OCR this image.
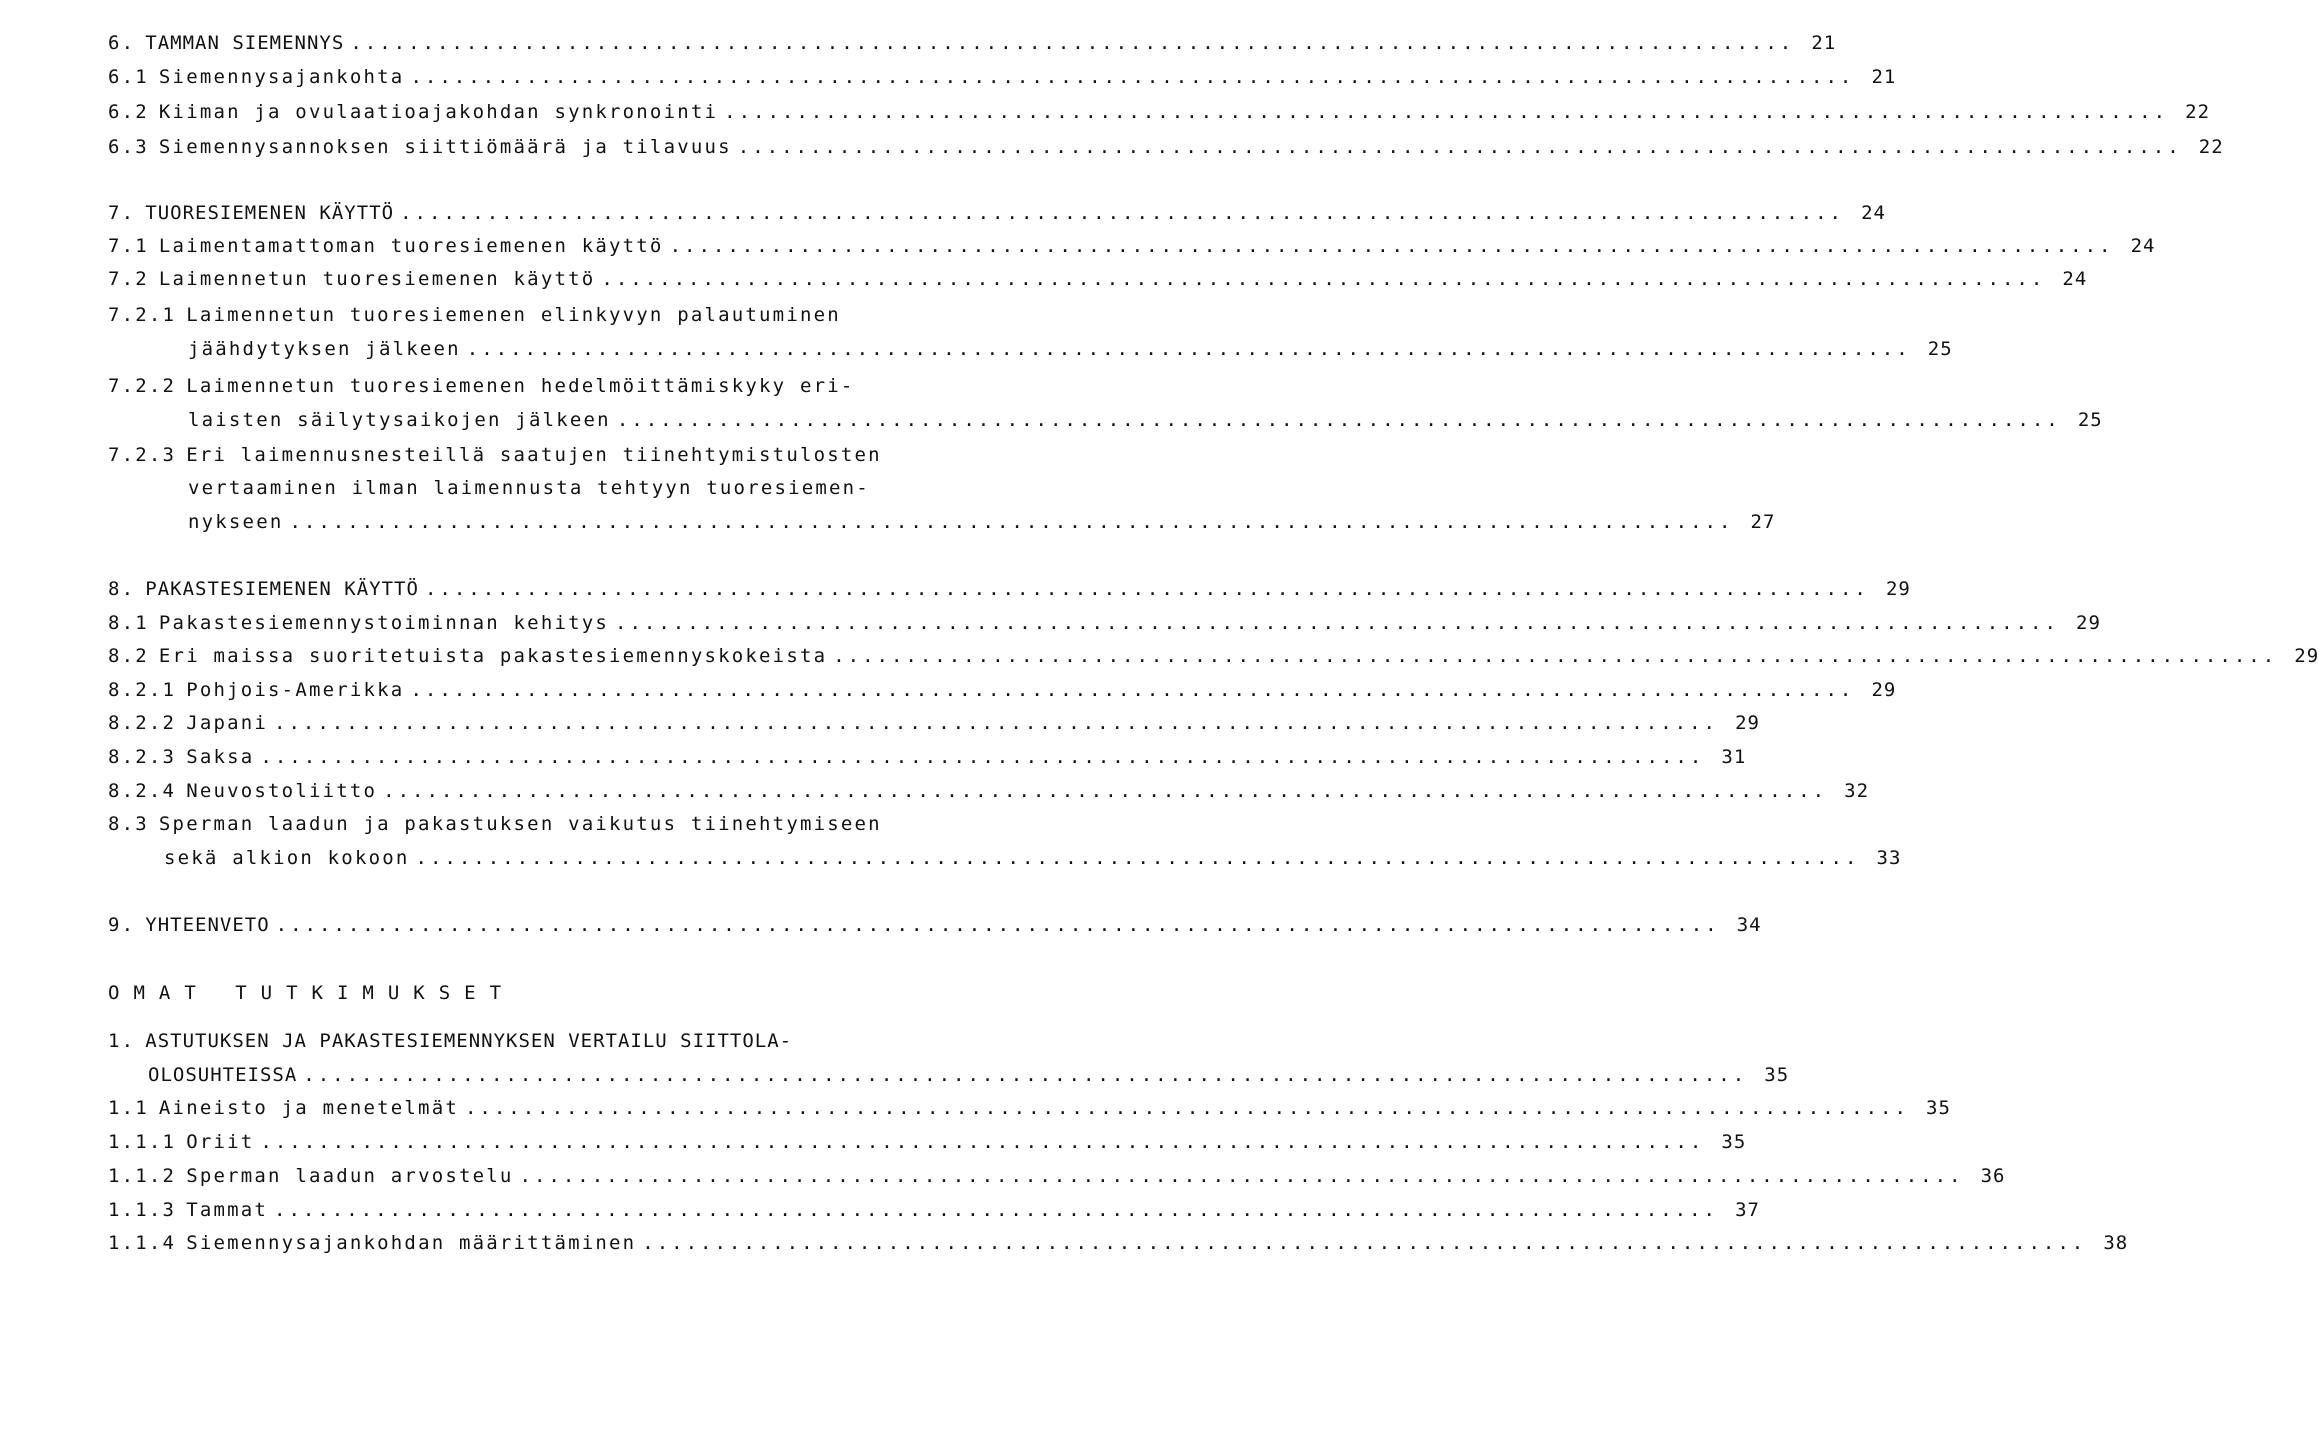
6. TAMMAN SIEMENNYS .................................................................................................... 21
6.1 Siemennysajankohta .................................................................................................... 21
6.2 Kiiman ja ovulaatioajakohdan synkronointi .................................................................................................... 22
6.3 Siemennysannoksen siittiömäärä ja tilavuus .................................................................................................... 22
7. TUORESIEMENEN KÄYTTÖ .................................................................................................... 24
7.1 Laimentamattoman tuoresiemenen käyttö .................................................................................................... 24
7.2 Laimennetun tuoresiemenen käyttö .................................................................................................... 24
7.2.1 Laimennetun tuoresiemenen elinkyvyn palautuminen
jäähdytyksen jälkeen .................................................................................................... 25
7.2.2 Laimennetun tuoresiemenen hedelmöittämiskyky eri-
laisten säilytysaikojen jälkeen .................................................................................................... 25
7.2.3 Eri laimennusnesteillä saatujen tiinehtymistulosten
vertaaminen ilman laimennusta tehtyyn tuoresiemen-
nykseen .................................................................................................... 27
8. PAKASTESIEMENEN KÄYTTÖ .................................................................................................... 29
8.1 Pakastesiemennystoiminnan kehitys .................................................................................................... 29
8.2 Eri maissa suoritetuista pakastesiemennyskokeista .................................................................................................... 29
8.2.1 Pohjois-Amerikka .................................................................................................... 29
8.2.2 Japani .................................................................................................... 29
8.2.3 Saksa .................................................................................................... 31
8.2.4 Neuvostoliitto .................................................................................................... 32
8.3 Sperman laadun ja pakastuksen vaikutus tiinehtymiseen
sekä alkion kokoon .................................................................................................... 33
9. YHTEENVETO .................................................................................................... 34
OMAT TUTKIMUKSET
1. ASTUTUKSEN JA PAKASTESIEMENNYKSEN VERTAILU SIITTOLA-
OLOSUHTEISSA .................................................................................................... 35
1.1 Aineisto ja menetelmät .................................................................................................... 35
1.1.1 Oriit .................................................................................................... 35
1.1.2 Sperman laadun arvostelu .................................................................................................... 36
1.1.3 Tammat .................................................................................................... 37
1.1.4 Siemennysajankohdan määrittäminen .................................................................................................... 38
